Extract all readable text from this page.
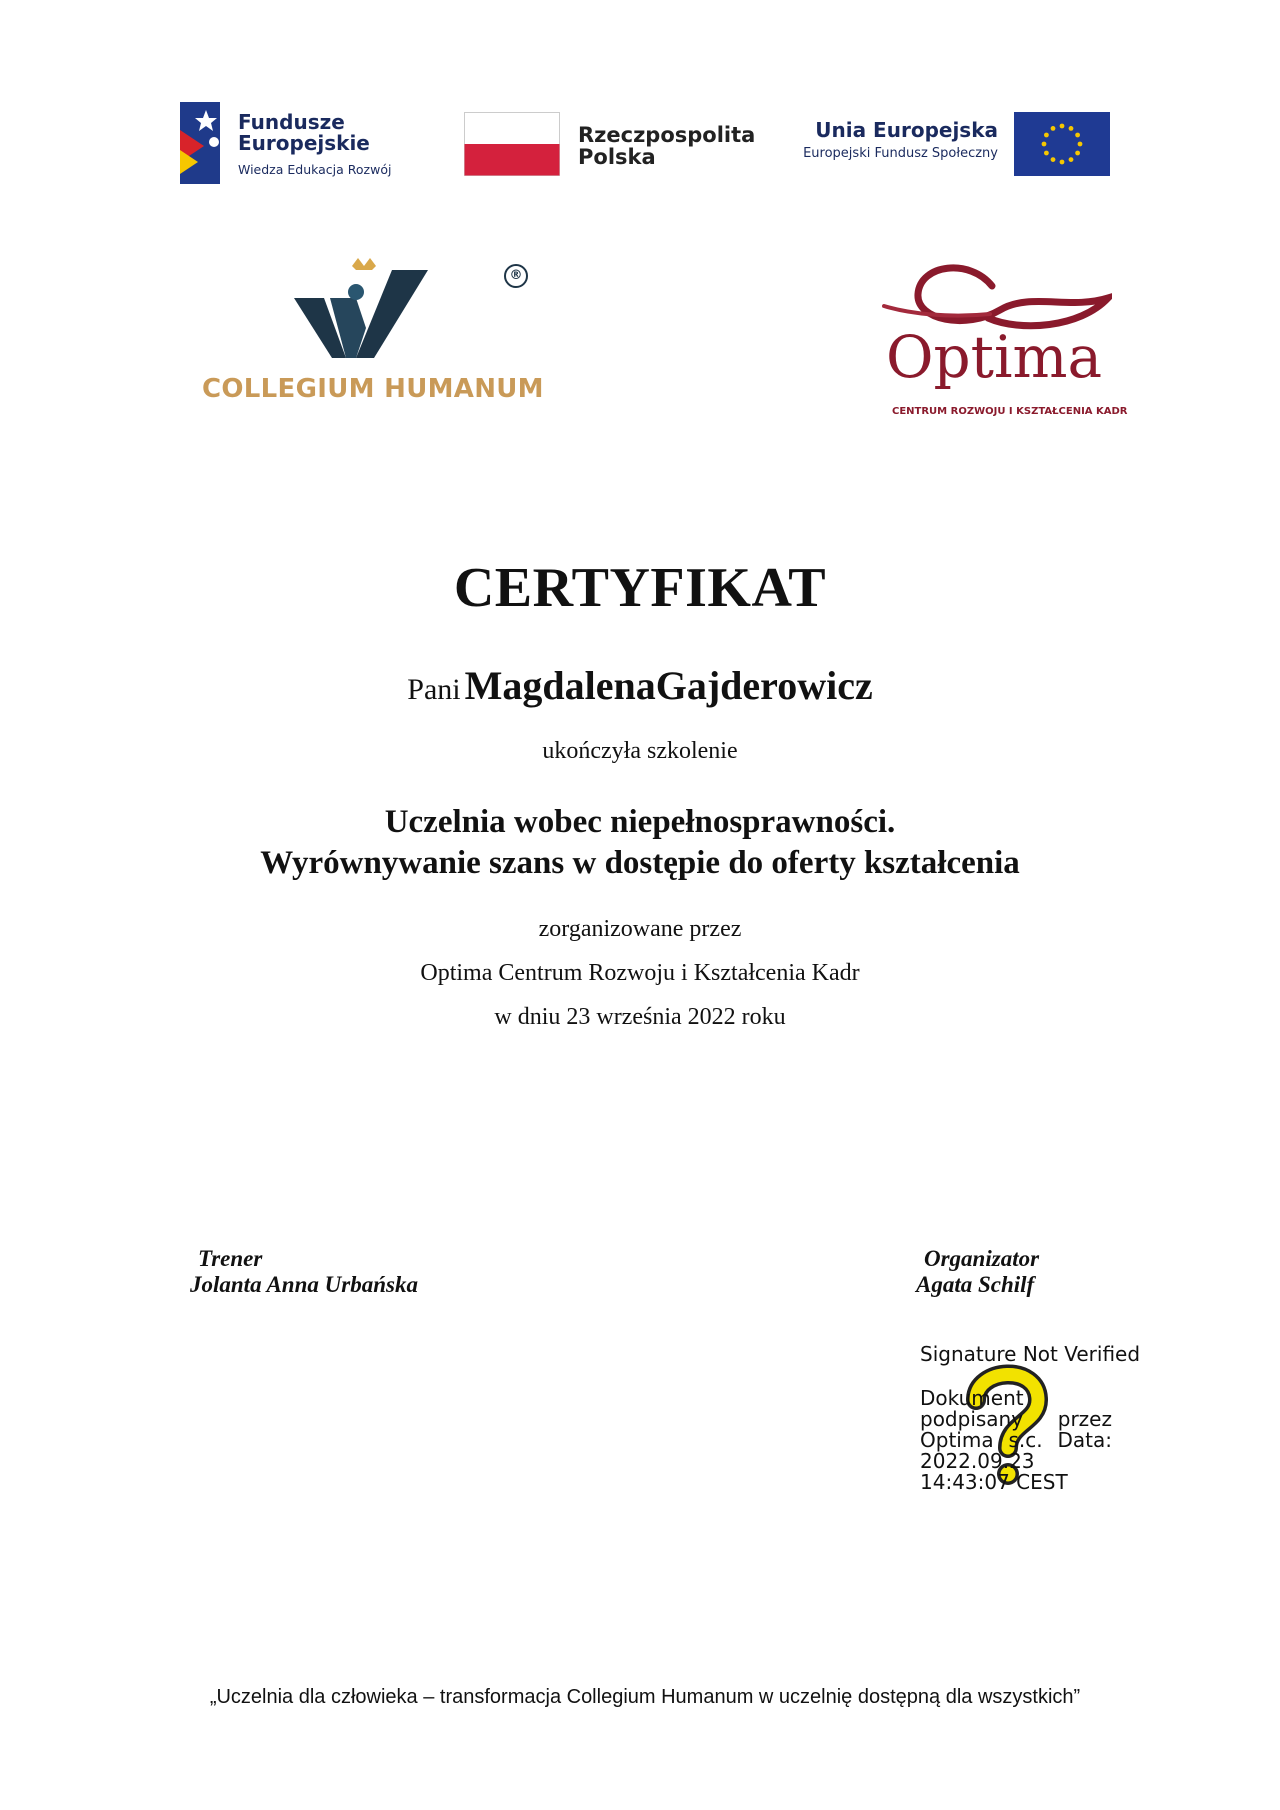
Fundusze
Europejskie
Wiedza Edukacja Rozwój
Rzeczpospolita
Polska
Unia Europejska
Europejski Fundusz Społeczny
®
COLLEGIUM HUMANUM	Optima
CENTRUM ROZWOJU I KSZTAŁCENIA KADR
CERTYFIKAT
Pani MagdalenaGajderowicz
ukończyła szkolenie
Uczelnia wobec niepełnosprawności.
Wyrównywanie szans w dostępie do oferty kształcenia
zorganizowane przez
Optima Centrum Rozwoju i Kształcenia Kadr
w dniu 23 września 2022 roku
Trener
Jolanta Anna Urbańska
Organizator
Agata Schilf
Signature Not Verified
Dokument
podpisany przez
Optima s.c. Data:
2022.09.23
14:43:07 CEST
„Uczelnia dla człowieka – transformacja Collegium Humanum w uczelnię dostępną dla wszystkich”
